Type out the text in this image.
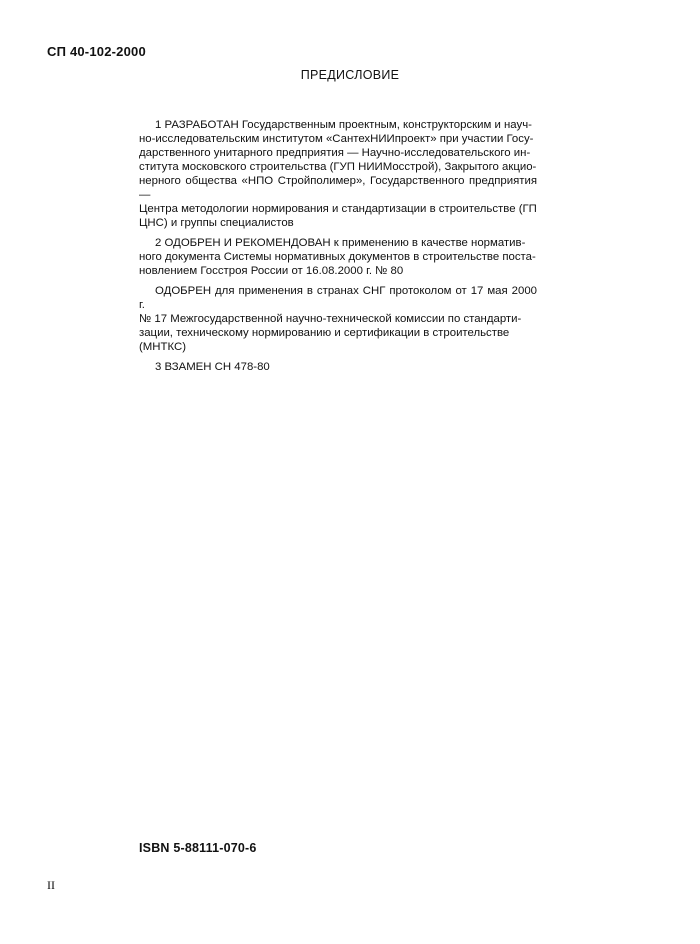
СП 40-102-2000
ПРЕДИСЛОВИЕ
1 РАЗРАБОТАН Государственным проектным, конструкторским и науч-
но-исследовательским институтом «СантехНИИпроект» при участии Госу-
дарственного унитарного предприятия — Научно-исследовательского ин-
ститута московского строительства (ГУП НИИМосстрой), Закрытого акцио-
нерного общества «НПО Стройполимер», Государственного предприятия —
Центра методологии нормирования и стандартизации в строительстве (ГП
ЦНС) и группы специалистов
2 ОДОБРЕН И РЕКОМЕНДОВАН к применению в качестве норматив-
ного документа Системы нормативных документов в строительстве поста-
новлением Госстроя России от 16.08.2000 г. № 80
ОДОБРЕН для применения в странах СНГ протоколом от 17 мая 2000 г.
№ 17 Межгосударственной научно-технической комиссии по стандарти-
зации, техническому нормированию и сертификации в строительстве
(МНТКС)
3 ВЗАМЕН СН 478-80
ISBN 5-88111-070-6
II
